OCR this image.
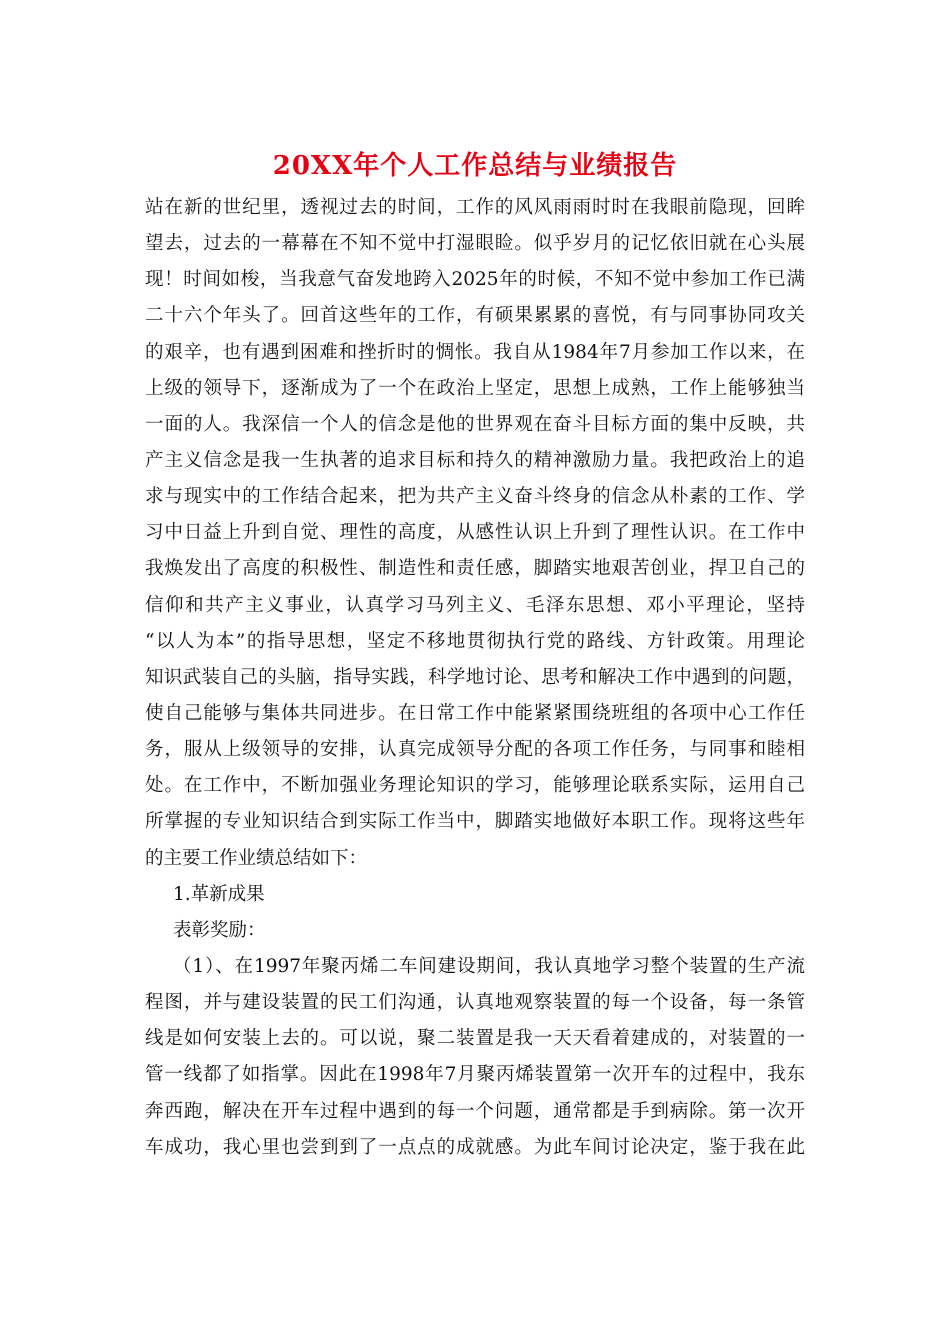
20XX年个人工作总结与业绩报告
站在新的世纪里，透视过去的时间，工作的风风雨雨时时在我眼前隐现，回眸
望去，过去的一幕幕在不知不觉中打湿眼睑。似乎岁月的记忆依旧就在心头展
现！时间如梭，当我意气奋发地跨入2025年的时候，不知不觉中参加工作已满
二十六个年头了。回首这些年的工作，有硕果累累的喜悦，有与同事协同攻关
的艰辛，也有遇到困难和挫折时的惆怅。我自从1984年7月参加工作以来，在
上级的领导下，逐渐成为了一个在政治上坚定，思想上成熟，工作上能够独当
一面的人。我深信一个人的信念是他的世界观在奋斗目标方面的集中反映，共
产主义信念是我一生执著的追求目标和持久的精神激励力量。我把政治上的追
求与现实中的工作结合起来，把为共产主义奋斗终身的信念从朴素的工作、学
习中日益上升到自觉、理性的高度，从感性认识上升到了理性认识。在工作中
我焕发出了高度的积极性、制造性和责任感，脚踏实地艰苦创业，捍卫自己的
信仰和共产主义事业，认真学习马列主义、毛泽东思想、邓小平理论，坚持
“以人为本”的指导思想，坚定不移地贯彻执行党的路线、方针政策。用理论
知识武装自己的头脑，指导实践，科学地讨论、思考和解决工作中遇到的问题，
使自己能够与集体共同进步。在日常工作中能紧紧围绕班组的各项中心工作任
务，服从上级领导的安排，认真完成领导分配的各项工作任务，与同事和睦相
处。在工作中，不断加强业务理论知识的学习，能够理论联系实际，运用自己
所掌握的专业知识结合到实际工作当中，脚踏实地做好本职工作。现将这些年
的主要工作业绩总结如下：
1.革新成果
表彰奖励：
（1）、在1997年聚丙烯二车间建设期间，我认真地学习整个装置的生产流
程图，并与建设装置的民工们沟通，认真地观察装置的每一个设备，每一条管
线是如何安装上去的。可以说，聚二装置是我一天天看着建成的，对装置的一
管一线都了如指掌。因此在1998年7月聚丙烯装置第一次开车的过程中，我东
奔西跑，解决在开车过程中遇到的每一个问题，通常都是手到病除。第一次开
车成功，我心里也尝到到了一点点的成就感。为此车间讨论决定，鉴于我在此
